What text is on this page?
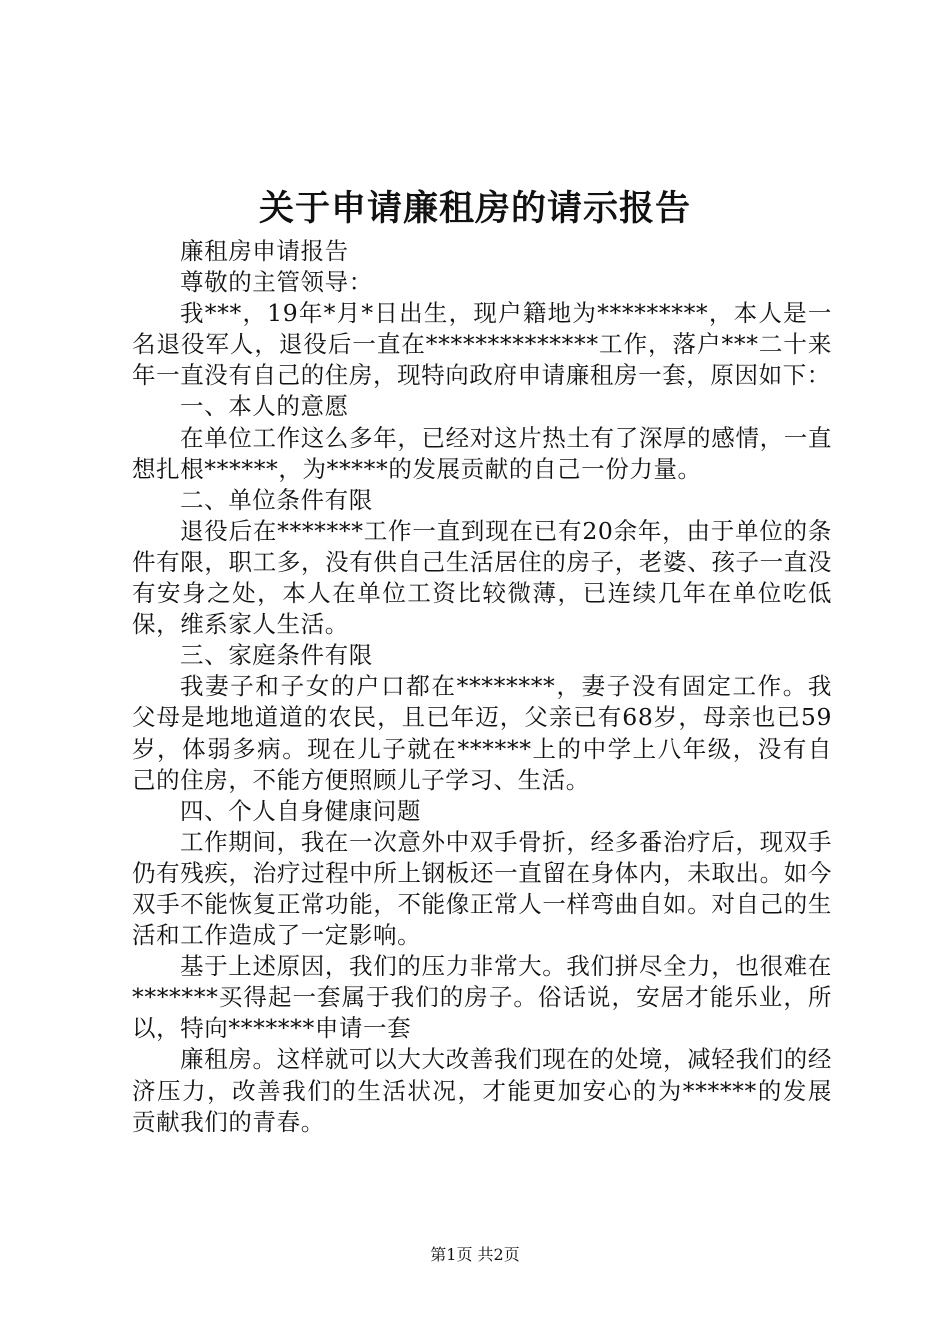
关于申请廉租房的请示报告

廉租房申请报告

尊敬的主管领导：

我***，19年*月*日出生，现户籍地为*********，本人是一名退役军人，退役后一直在**************工作，落户***二十来年一直没有自己的住房，现特向政府申请廉租房一套，原因如下：

一、本人的意愿

在单位工作这么多年，已经对这片热土有了深厚的感情，一直想扎根******，为*****的发展贡献的自己一份力量。

二、单位条件有限

退役后在*******工作一直到现在已有20余年，由于单位的条件有限，职工多，没有供自己生活居住的房子，老婆、孩子一直没有安身之处，本人在单位工资比较微薄，已连续几年在单位吃低保，维系家人生活。

三、家庭条件有限

我妻子和子女的户口都在********，妻子没有固定工作。我父母是地地道道的农民，且已年迈，父亲已有68岁，母亲也已59岁，体弱多病。现在儿子就在******上的中学上八年级，没有自己的住房，不能方便照顾儿子学习、生活。

四、个人自身健康问题

工作期间，我在一次意外中双手骨折，经多番治疗后，现双手仍有残疾，治疗过程中所上钢板还一直留在身体内，未取出。如今双手不能恢复正常功能，不能像正常人一样弯曲自如。对自己的生活和工作造成了一定影响。

基于上述原因，我们的压力非常大。我们拼尽全力，也很难在*******买得起一套属于我们的房子。俗话说，安居才能乐业，所以，特向*******申请一套

廉租房。这样就可以大大改善我们现在的处境，减轻我们的经济压力，改善我们的生活状况，才能更加安心的为******的发展贡献我们的青春。

第1页 共2页
